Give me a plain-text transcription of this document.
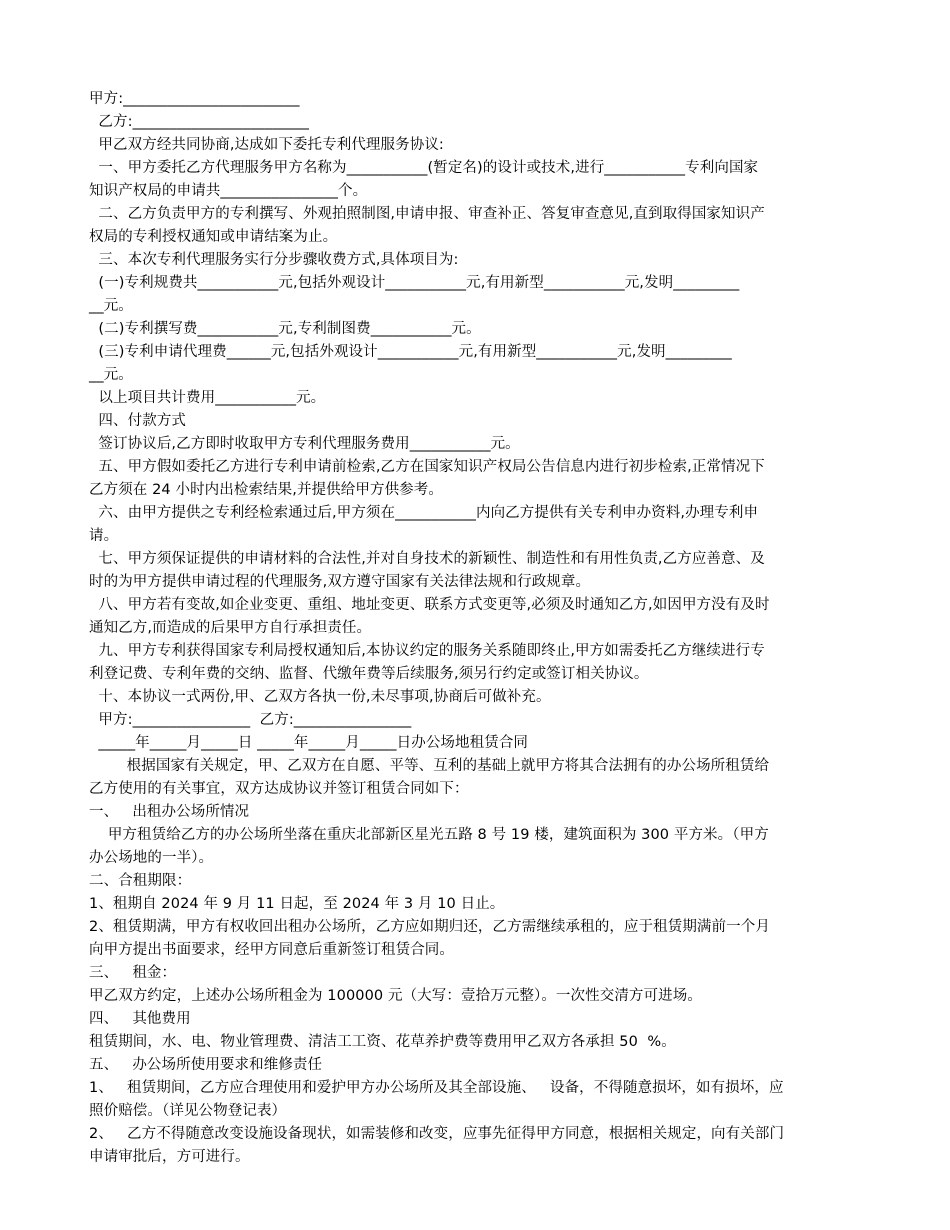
甲方:________________________
乙方:________________________
甲乙双方经共同协商,达成如下委托专利代理服务协议:
一、甲方委托乙方代理服务甲方名称为___________(暂定名)的设计或技术,进行___________专利向国家
知识产权局的申请共________________个。
二、乙方负责甲方的专利撰写、外观拍照制图,申请申报、审查补正、答复审查意见,直到取得国家知识产
权局的专利授权通知或申请结案为止。
三、本次专利代理服务实行分步骤收费方式,具体项目为:
(一)专利规费共___________元,包括外观设计___________元,有用新型___________元,发明_________
__元。
(二)专利撰写费___________元,专利制图费___________元。
(三)专利申请代理费______元,包括外观设计___________元,有用新型___________元,发明_________
__元。
以上项目共计费用___________元。
四、付款方式
签订协议后,乙方即时收取甲方专利代理服务费用___________元。
五、甲方假如委托乙方进行专利申请前检索,乙方在国家知识产权局公告信息内进行初步检索,正常情况下
乙方须在 24 小时内出检索结果,并提供给甲方供参考。
六、由甲方提供之专利经检索通过后,甲方须在___________内向乙方提供有关专利申办资料,办理专利申
请。
七、甲方须保证提供的申请材料的合法性,并对自身技术的新颖性、制造性和有用性负责,乙方应善意、及
时的为甲方提供申请过程的代理服务,双方遵守国家有关法律法规和行政规章。
八、甲方若有变故,如企业变更、重组、地址变更、联系方式变更等,必须及时通知乙方,如因甲方没有及时
通知乙方,而造成的后果甲方自行承担责任。
九、甲方专利获得国家专利局授权通知后,本协议约定的服务关系随即终止,甲方如需委托乙方继续进行专
利登记费、专利年费的交纳、监督、代缴年费等后续服务,须另行约定或签订相关协议。
十、本协议一式两份,甲、乙双方各执一份,未尽事项,协商后可做补充。
甲方:________________  乙方:________________
_____年_____月_____日 _____年_____月_____日办公场地租赁合同
根据国家有关规定，甲、乙双方在自愿、平等、互利的基础上就甲方将其合法拥有的办公场所租赁给
乙方使用的有关事宜，双方达成协议并签订租赁合同如下：
一、   出租办公场所情况
甲方租赁给乙方的办公场所坐落在重庆北部新区星光五路 8 号 19 楼，建筑面积为 300 平方米。（甲方
办公场地的一半）。
二、合租期限：
1、租期自 2024 年 9 月 11 日起，至 2024 年 3 月 10 日止。
2、租赁期满，甲方有权收回出租办公场所，乙方应如期归还，乙方需继续承租的，应于租赁期满前一个月
向甲方提出书面要求，经甲方同意后重新签订租赁合同。
三、   租金：
甲乙双方约定，上述办公场所租金为 100000 元（大写：壹拾万元整）。一次性交清方可进场。
四、   其他费用
租赁期间，水、电、物业管理费、清洁工工资、花草养护费等费用甲乙双方各承担 50  %。
五、   办公场所使用要求和维修责任
1、   租赁期间，乙方应合理使用和爱护甲方办公场所及其全部设施、   设备，不得随意损坏，如有损坏，应
照价赔偿。（详见公物登记表）
2、   乙方不得随意改变设施设备现状，如需装修和改变，应事先征得甲方同意，根据相关规定，向有关部门
申请审批后，方可进行。
